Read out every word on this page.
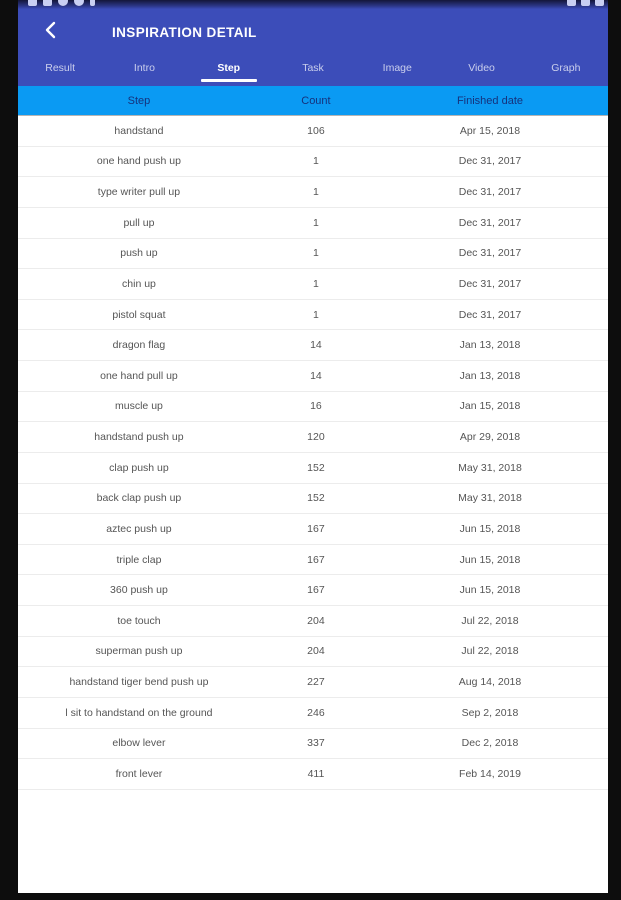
INSPIRATION DETAIL
Result	Intro	Step	Task	Image	Video	Graph
Step	Count	Finished date
handstand	106	Apr 15, 2018
one hand push up	1	Dec 31, 2017
type writer pull up	1	Dec 31, 2017
pull up	1	Dec 31, 2017
push up	1	Dec 31, 2017
chin up	1	Dec 31, 2017
pistol squat	1	Dec 31, 2017
dragon flag	14	Jan 13, 2018
one hand pull up	14	Jan 13, 2018
muscle up	16	Jan 15, 2018
handstand push up	120	Apr 29, 2018
clap push up	152	May 31, 2018
back clap push up	152	May 31, 2018
aztec push up	167	Jun 15, 2018
triple clap	167	Jun 15, 2018
360 push up	167	Jun 15, 2018
toe touch	204	Jul 22, 2018
superman push up	204	Jul 22, 2018
handstand tiger bend push up	227	Aug 14, 2018
l sit to handstand on the ground	246	Sep 2, 2018
elbow lever	337	Dec 2, 2018
front lever	411	Feb 14, 2019
